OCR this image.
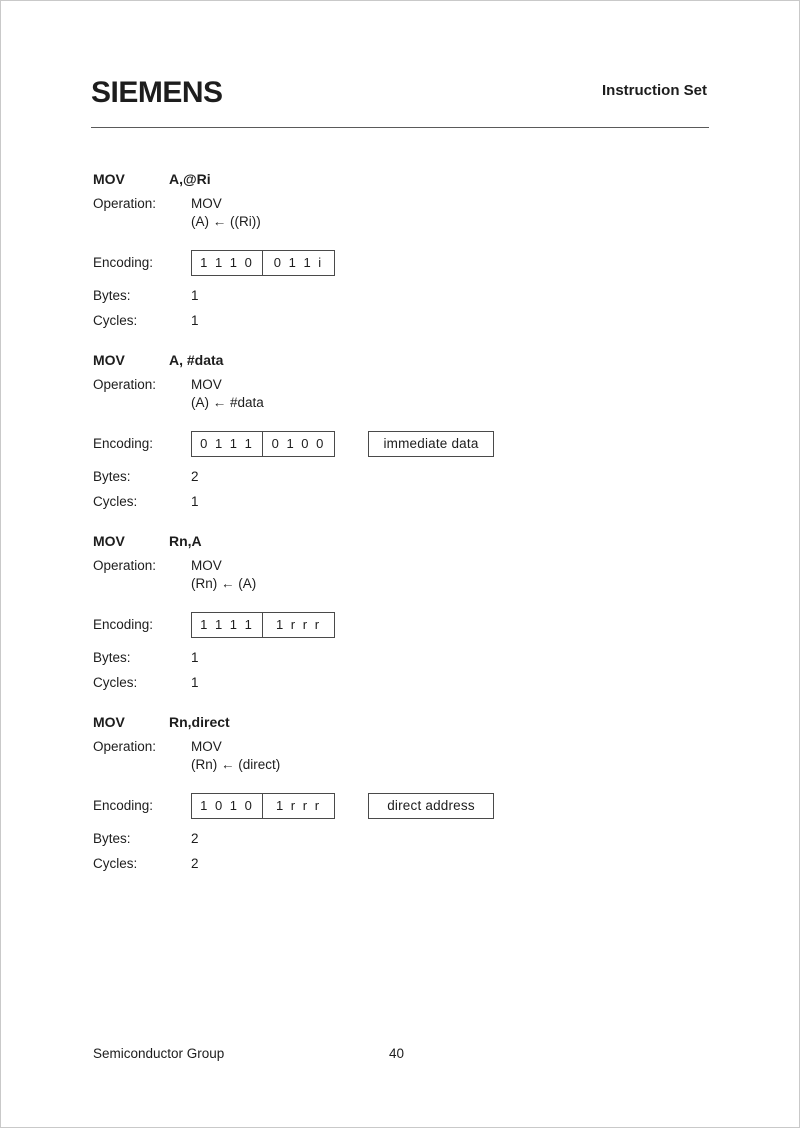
SIEMENS	Instruction Set
MOV	A,@Ri
Operation:	MOV
(A) ← ((Ri))
Encoding:	1 1 1 0	0 1 1 i
Bytes:	1
Cycles:	1
MOV	A, #data
Operation:	MOV
(A) ← #data
Encoding:	0 1 1 1	0 1 0 0	immediate data
Bytes:	2
Cycles:	1
MOV	Rn,A
Operation:	MOV
(Rn) ← (A)
Encoding:	1 1 1 1	1 r r r
Bytes:	1
Cycles:	1
MOV	Rn,direct
Operation:	MOV
(Rn) ← (direct)
Encoding:	1 0 1 0	1 r r r	direct address
Bytes:	2
Cycles:	2
Semiconductor Group	40
